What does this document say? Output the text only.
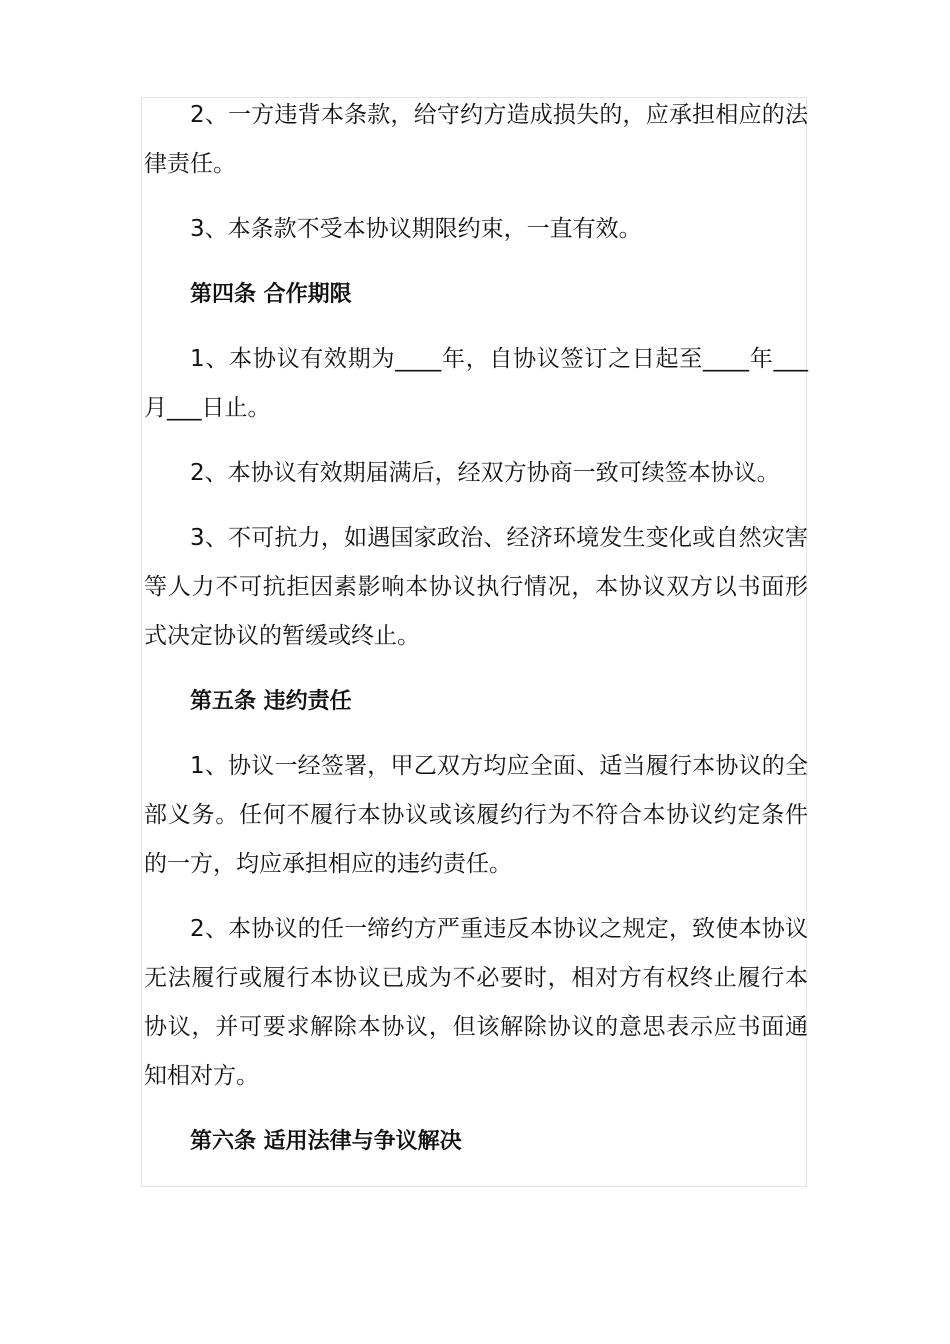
2、一方违背本条款，给守约方造成损失的，应承担相应的法律责任。

3、本条款不受本协议期限约束，一直有效。

第四条 合作期限

1、本协议有效期为____年，自协议签订之日起至____年___月___日止。

2、本协议有效期届满后，经双方协商一致可续签本协议。

3、不可抗力，如遇国家政治、经济环境发生变化或自然灾害等人力不可抗拒因素影响本协议执行情况，本协议双方以书面形式决定协议的暂缓或终止。

第五条 违约责任

1、协议一经签署，甲乙双方均应全面、适当履行本协议的全部义务。任何不履行本协议或该履约行为不符合本协议约定条件的一方，均应承担相应的违约责任。

2、本协议的任一缔约方严重违反本协议之规定，致使本协议无法履行或履行本协议已成为不必要时，相对方有权终止履行本协议，并可要求解除本协议，但该解除协议的意思表示应书面通知相对方。

第六条 适用法律与争议解决
